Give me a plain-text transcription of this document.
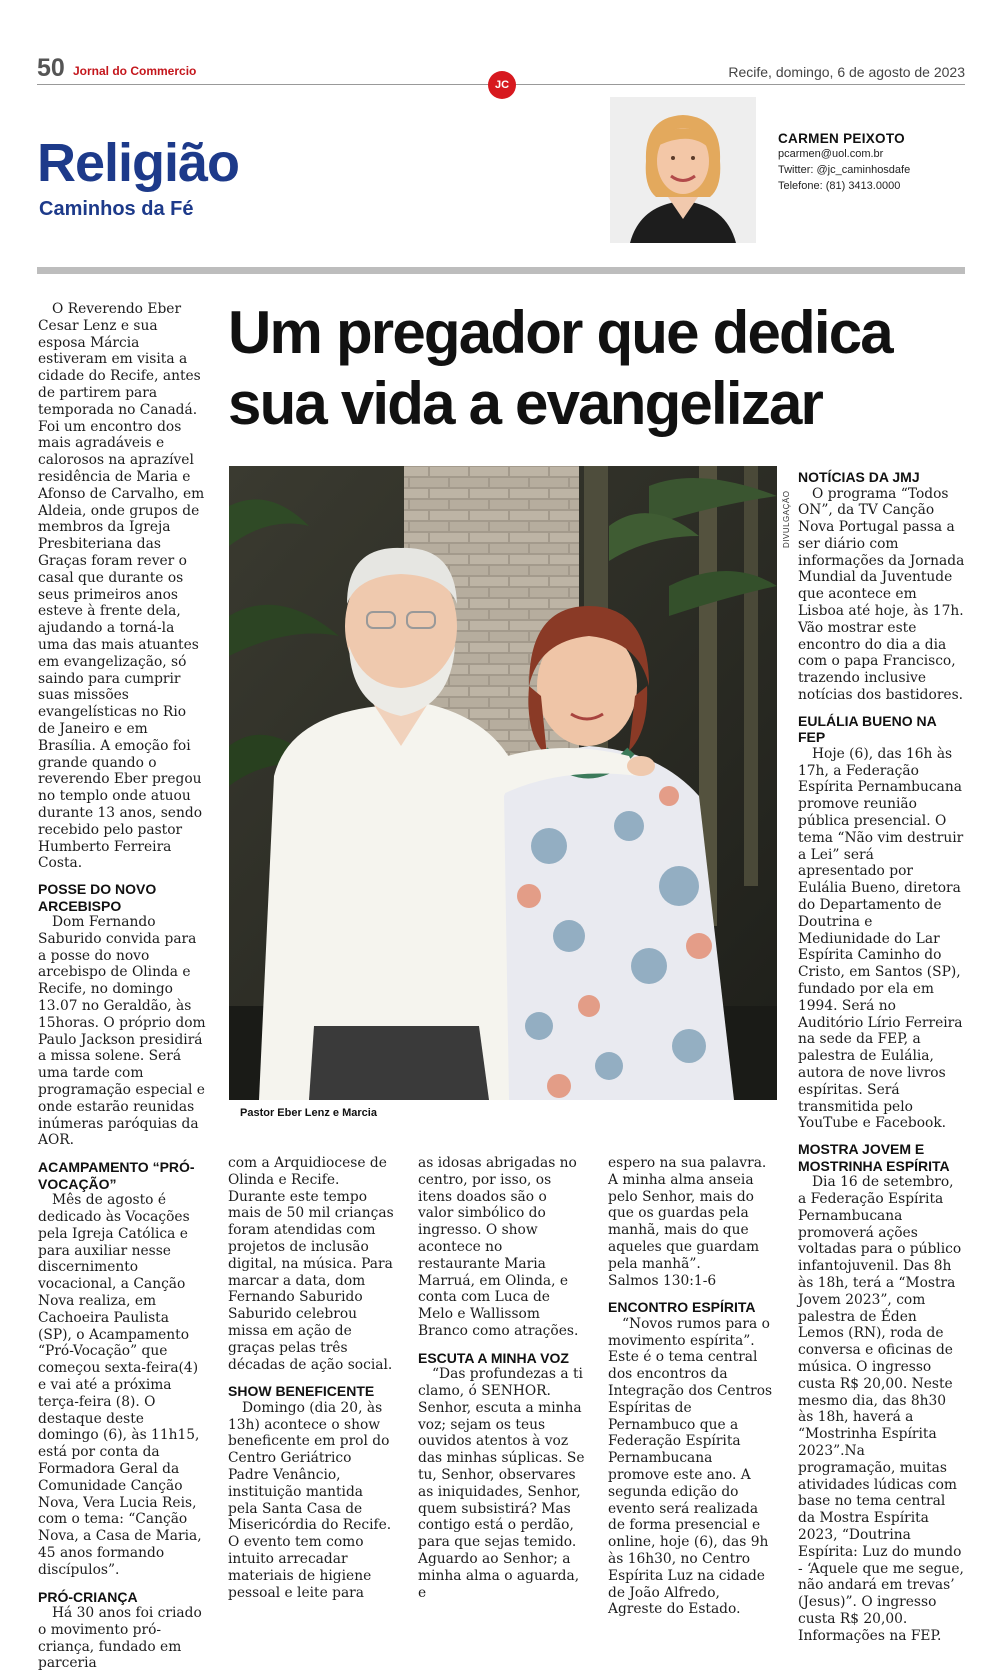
50 Jornal do Commercio	Recife, domingo, 6 de agosto de 2023
JC
Religião
Caminhos da Fé
CARMEN PEIXOTO
pcarmen@uol.com.br
Twitter: @jc_caminhosdafe
Telefone: (81) 3413.0000
Um pregador que dedica
sua vida a evangelizar
DIVULGAÇÃO
Pastor Eber Lenz e Marcia

O Reverendo Eber Cesar Lenz e sua esposa Márcia estiveram em visita a cidade do Recife, antes de partirem para temporada no Canadá. Foi um encontro dos mais agradáveis e calorosos na aprazível residência de Maria e Afonso de Carvalho, em Aldeia, onde grupos de membros da Igreja Presbiteriana das Graças foram rever o casal que durante os seus primeiros anos esteve à frente dela, ajudando a torná-la uma das mais atuantes em evangelização, só saindo para cumprir suas missões evangelísticas no Rio de Janeiro e em Brasília. A emoção foi grande quando o reverendo Eber pregou no templo onde atuou durante 13 anos, sendo recebido pelo pastor Humberto Ferreira Costa.

POSSE DO NOVO ARCEBISPO

Dom Fernando Saburido convida para a posse do novo arcebispo de Olinda e Recife, no domingo 13.07 no Geraldão, às 15horas. O próprio dom Paulo Jackson presidirá a missa solene. Será uma tarde com programação especial e onde estarão reunidas inúmeras paróquias da AOR.

ACAMPAMENTO “PRÓ-VOCAÇÃO”

Mês de agosto é dedicado às Vocações pela Igreja Católica e para auxiliar nesse discernimento vocacional, a Canção Nova realiza, em Cachoeira Paulista (SP), o Acampamento “Pró-Vocação” que começou sexta-feira(4) e vai até a próxima terça-feira (8). O destaque deste domingo (6), às 11h15, está por conta da Formadora Geral da Comunidade Canção Nova, Vera Lucia Reis, com o tema: “Canção Nova, a Casa de Maria, 45 anos formando discípulos”.

PRÓ-CRIANÇA

Há 30 anos foi criado o movimento pró-criança, fundado em parceria

com a Arquidiocese de Olinda e Recife. Durante este tempo mais de 50 mil crianças foram atendidas com projetos de inclusão digital, na música. Para marcar a data, dom Fernando Saburido Saburido celebrou missa em ação de graças pelas três décadas de ação social.

SHOW BENEFICENTE

Domingo (dia 20, às 13h) acontece o show beneficente em prol do Centro Geriátrico Padre Venâncio, instituição mantida pela Santa Casa de Misericórdia do Recife. O evento tem como intuito arrecadar materiais de higiene pessoal e leite para

as idosas abrigadas no centro, por isso, os itens doados são o valor simbólico do ingresso. O show acontece no restaurante Maria Marruá, em Olinda, e conta com Luca de Melo e Wallissom Branco como atrações.

ESCUTA A MINHA VOZ

“Das profundezas a ti clamo, ó SENHOR. Senhor, escuta a minha voz; sejam os teus ouvidos atentos à voz das minhas súplicas. Se tu, Senhor, observares as iniquidades, Senhor, quem subsistirá? Mas contigo está o perdão, para que sejas temido. Aguardo ao Senhor; a minha alma o aguarda, e

espero na sua palavra. A minha alma anseia pelo Senhor, mais do que os guardas pela manhã, mais do que aqueles que guardam pela manhã”.

Salmos 130:1-6

ENCONTRO ESPÍRITA

“Novos rumos para o movimento espírita”. Este é o tema central dos encontros da Integração dos Centros Espíritas de Pernambuco que a Federação Espírita Pernambucana promove este ano. A segunda edição do evento será realizada de forma presencial e online, hoje (6), das 9h às 16h30, no Centro Espírita Luz na cidade de João Alfredo, Agreste do Estado.

NOTÍCIAS DA JMJ

O programa “Todos ON”, da TV Canção Nova Portugal passa a ser diário com informações da Jornada Mundial da Juventude que acontece em Lisboa até hoje, às 17h. Vão mostrar este encontro do dia a dia com o papa Francisco, trazendo inclusive notícias dos bastidores.

EULÁLIA BUENO NA FEP

Hoje (6), das 16h às 17h, a Federação Espírita Pernambucana promove reunião pública presencial. O tema “Não vim destruir a Lei” será apresentado por Eulália Bueno, diretora do Departamento de Doutrina e Mediunidade do Lar Espírita Caminho do Cristo, em Santos (SP), fundado por ela em 1994. Será no Auditório Lírio Ferreira na sede da FEP, a palestra de Eulália, autora de nove livros espíritas. Será transmitida pelo YouTube e Facebook.

MOSTRA JOVEM E MOSTRINHA ESPÍRITA

Dia 16 de setembro, a Federação Espírita Pernambucana promoverá ações voltadas para o público infantojuvenil. Das 8h às 18h, terá a “Mostra Jovem 2023”, com palestra de Éden Lemos (RN), roda de conversa e oficinas de música. O ingresso custa R$ 20,00. Neste mesmo dia, das 8h30 às 18h, haverá a “Mostrinha Espírita 2023”.Na programação, muitas atividades lúdicas com base no tema central da Mostra Espírita 2023, “Doutrina Espírita: Luz do mundo - ‘Aquele que me segue, não andará em trevas’ (Jesus)”. O ingresso custa R$ 20,00. Informações na FEP.
